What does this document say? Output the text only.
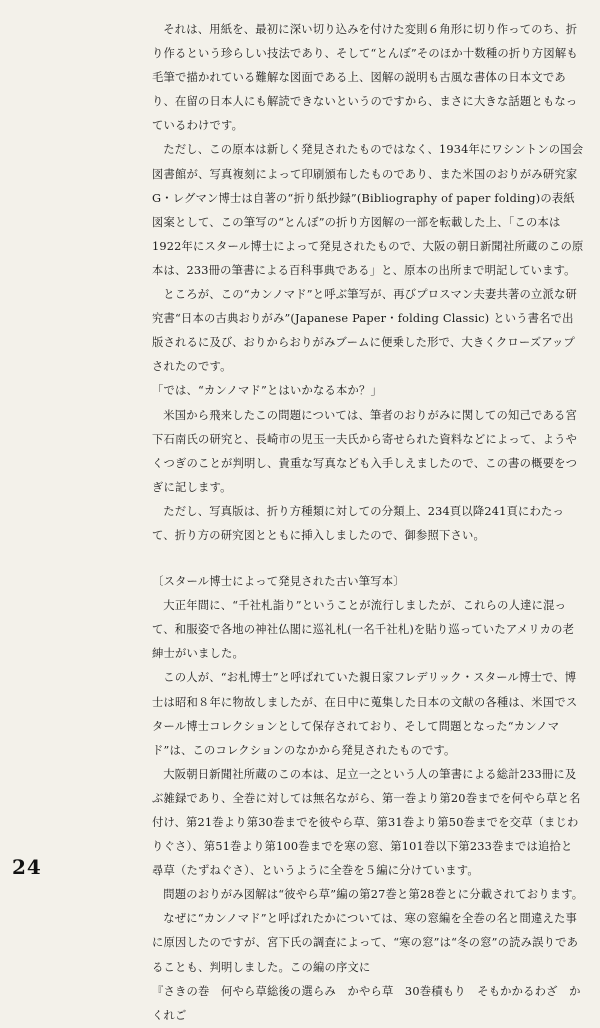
それは、用紙を、最初に深い切り込みを付けた変則６角形に切り作ってのち、折り作るという珍らしい技法であり、そして“とんぼ”そのほか十数種の折り方図解も毛筆で描かれている難解な図面である上、図解の説明も古風な書体の日本文であり、在留の日本人にも解読できないというのですから、まさに大きな話題ともなっているわけです。

ただし、この原本は新しく発見されたものではなく、1934年にワシントンの国会図書館が、写真複刻によって印刷頒布したものであり、また米国のおりがみ研究家G・レグマン博士は自著の“折り紙抄録”(Bibliography of paper folding)の表紙図案として、この筆写の“とんぼ”の折り方図解の一部を転載した上、「この本は1922年にスタール博士によって発見されたもので、大阪の朝日新聞社所蔵のこの原本は、233冊の筆書による百科事典である」と、原本の出所まで明記しています。

ところが、この“カンノマド”と呼ぶ筆写が、再びプロスマン夫妻共著の立派な研究書“日本の古典おりがみ”(Japanese Paper・folding Classic) という書名で出版されるに及び、おりからおりがみブームに便乗した形で、大きくクローズアップされたのです。

「では、“カンノマド”とはいかなる本か？」

米国から飛来したこの問題については、筆者のおりがみに関しての知己である宮下石南氏の研究と、長崎市の児玉一夫氏から寄せられた資料などによって、ようやくつぎのことが判明し、貴重な写真なども入手しえましたので、この書の概要をつぎに記します。

ただし、写真版は、折り方種類に対しての分類上、234頁以降241頁にわたって、折り方の研究図とともに挿入しましたので、御参照下さい。

〔スタール博士によって発見された古い筆写本〕

大正年間に、“千社札詣り”ということが流行しましたが、これらの人達に混って、和服姿で各地の神社仏閣に巡礼札(一名千社札)を貼り巡っていたアメリカの老紳士がいました。

この人が、“お札博士”と呼ばれていた親日家フレデリック・スタール博士で、博士は昭和８年に物故しましたが、在日中に蒐集した日本の文献の各種は、米国でスタール博士コレクションとして保存されており、そして問題となった“カンノマド”は、このコレクションのなかから発見されたものです。

大阪朝日新聞社所蔵のこの本は、足立一之という人の筆書による総計233冊に及ぶ雑録であり、全巻に対しては無名ながら、第一巻より第20巻までを何やら草と名付け、第21巻より第30巻までを彼やら草、第31巻より第50巻までを交草（まじわりぐさ）、第51巻より第100巻までを寒の窓、第101巻以下第233巻までは追拾と尋草（たずねぐさ）、というように全巻を５編に分けています。

問題のおりがみ図解は“彼やら草”編の第27巻と第28巻とに分載されております。

なぜに“カンノマド”と呼ばれたかについては、寒の窓編を全巻の名と間違えた事に原因したのですが、宮下氏の調査によって、“寒の窓”は“冬の窓”の読み誤りであることも、判明しました。この編の序文に

『さきの巻　何やら草総後の選らみ　かやら草　30巻積もり　そもかかるわざ　かくれご

24
